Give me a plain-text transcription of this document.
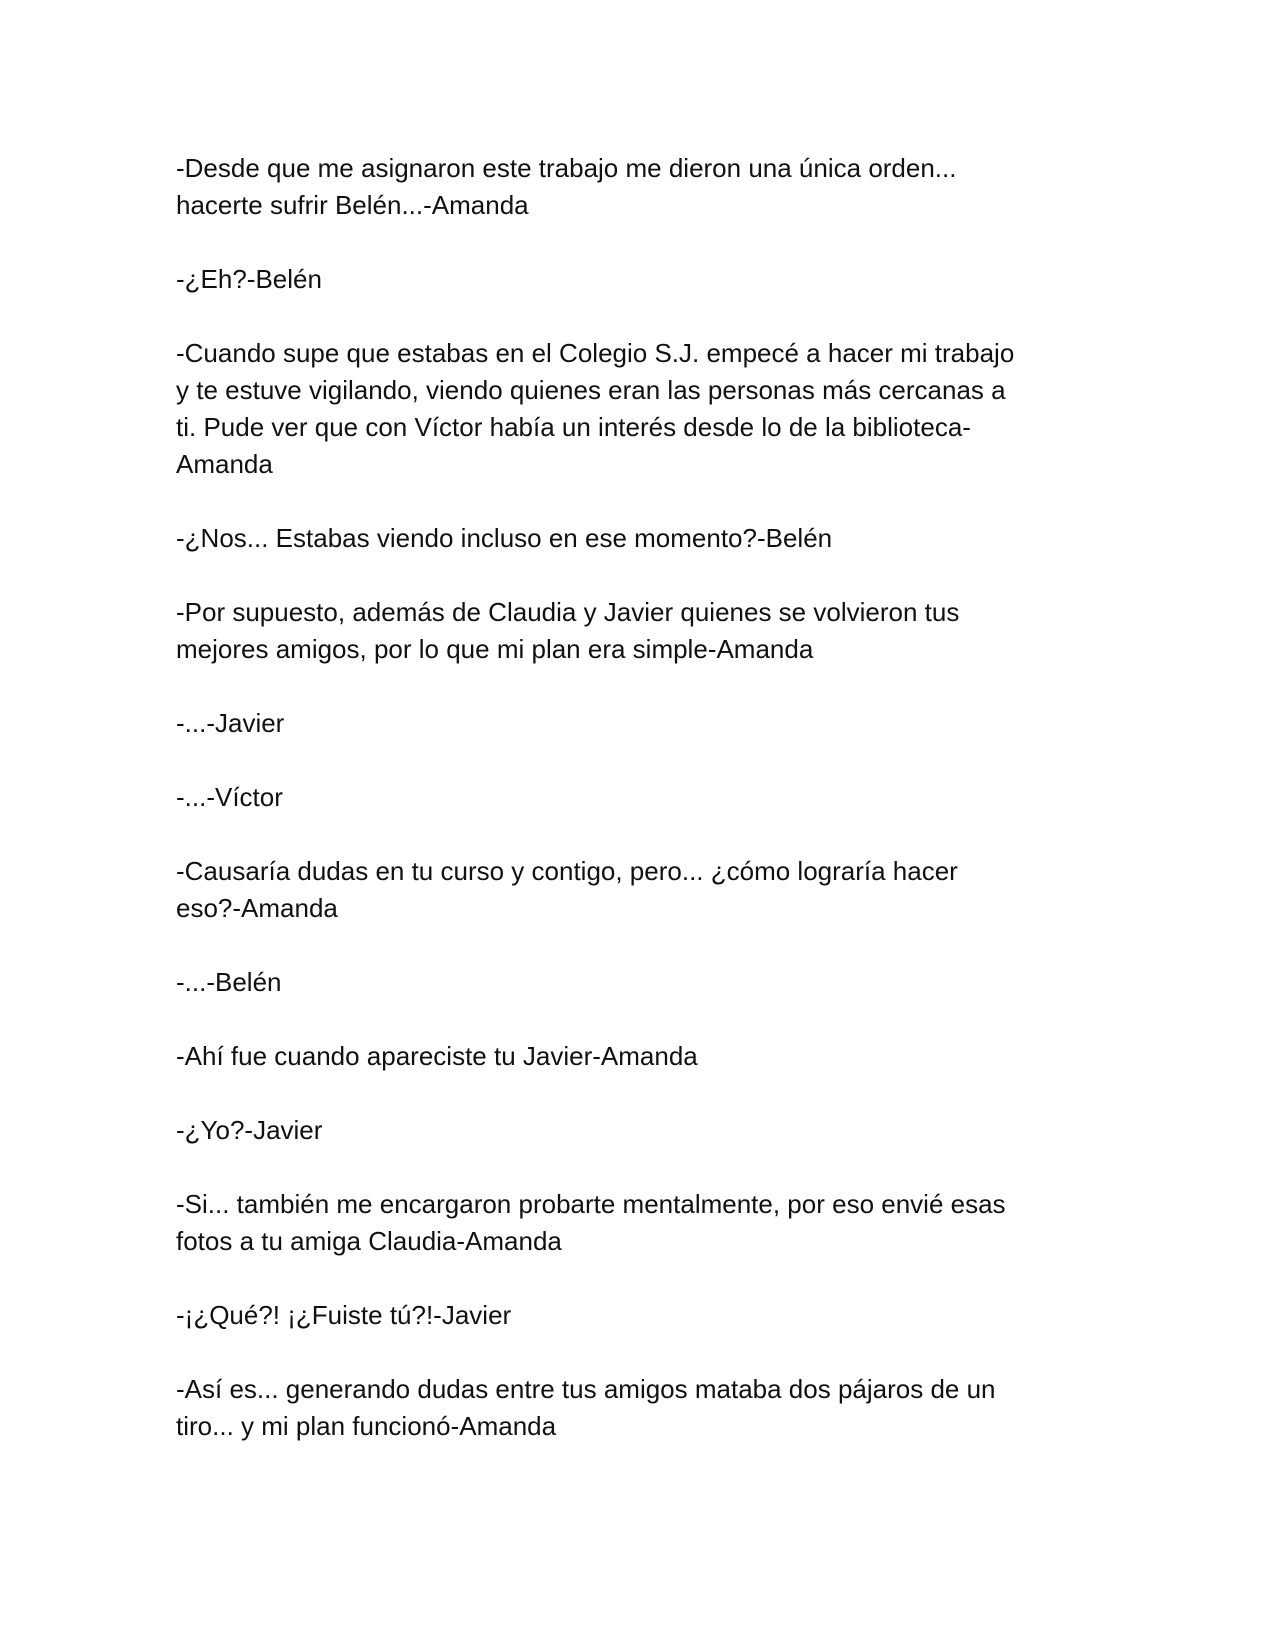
-Desde que me asignaron este trabajo me dieron una única orden...
hacerte sufrir Belén...-Amanda

-¿Eh?-Belén

-Cuando supe que estabas en el Colegio S.J. empecé a hacer mi trabajo
y te estuve vigilando, viendo quienes eran las personas más cercanas a
ti. Pude ver que con Víctor había un interés desde lo de la biblioteca-
Amanda

-¿Nos... Estabas viendo incluso en ese momento?-Belén

-Por supuesto, además de Claudia y Javier quienes se volvieron tus
mejores amigos, por lo que mi plan era simple-Amanda

-...-Javier

-...-Víctor

-Causaría dudas en tu curso y contigo, pero... ¿cómo lograría hacer
eso?-Amanda

-...-Belén

-Ahí fue cuando apareciste tu Javier-Amanda

-¿Yo?-Javier

-Si... también me encargaron probarte mentalmente, por eso envié esas
fotos a tu amiga Claudia-Amanda

-¡¿Qué?! ¡¿Fuiste tú?!-Javier

-Así es... generando dudas entre tus amigos mataba dos pájaros de un
tiro... y mi plan funcionó-Amanda
